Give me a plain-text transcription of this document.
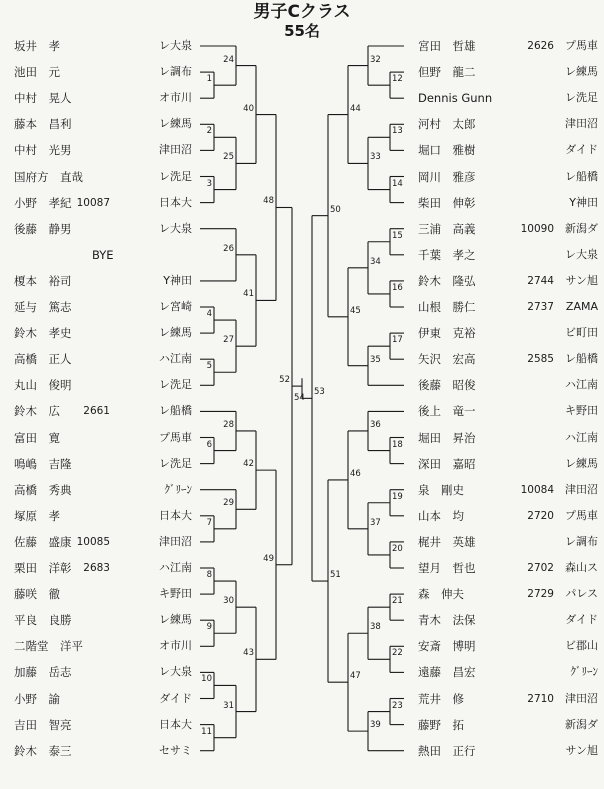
男子Cクラス
55名
坂井　孝	レ大泉	宮田　哲雄	2626 プ馬車
池田　元	レ調布	但野　龍二	レ練馬
中村　晃人	オ市川	Dennis Gunn	レ洗足
藤本　昌利	レ練馬	河村　太郎	津田沼
中村　光男	津田沼	堀口　雅樹	ダイド
国府方　直哉	レ洗足	岡川　雅彦	レ船橋
小野　孝紀 10087	日本大	柴田　伸彰	Y神田
後藤　静男	レ大泉	三浦　高義	10090 新潟ダ
BYE	千葉　孝之	レ大泉
榎本　裕司	Y神田	鈴木　隆弘	2744 サン旭
延与　篤志	レ宮崎	山根　勝仁	2737 ZAMA
鈴木　孝史	レ練馬	伊東　克裕	ビ町田
高橋　正人	ハ江南	矢沢　宏高	2585 レ船橋
丸山　俊明	レ洗足	後藤　昭俊	ハ江南
鈴木　広 2661	レ船橋	後上　竜一	キ野田
富田　寛	プ馬車	堀田　昇治	ハ江南
鳴嶋　吉隆	レ洗足	深田　嘉昭	レ練馬
高橋　秀典	ｸﾞﾘｰﾝ	泉　剛史	10084 津田沼
塚原　孝	日本大	山本　均	2720 プ馬車
佐藤　盛康 10085	津田沼	梶井　英雄	レ調布
栗田　洋彰 2683	ハ江南	望月　哲也	2702 森山ス
藤咲　徹	キ野田	森　伸夫	2729 パレス
平良　良勝	レ練馬	青木　法保	ダイド
二階堂　洋平	オ市川	安斎　博明	ビ郡山
加藤　岳志	レ大泉	遠藤　昌宏	ｸﾞﾘｰﾝ
小野　諭	ダイド	荒井　修	2710 津田沼
吉田　智亮	日本大	藤野　拓	新潟ダ
鈴木　泰三	セサミ	熱田　正行	サン旭
1
2
3
4
5
6
7
8
9
10
11
24
25
26
27
28
29
30
31
40
41
42
43
48
49
52
12
13
14
15
16
17
18
19
20
21
22
23
32
33
34
35
36
37
38
39
44
45
46
47
50
51
53
54
